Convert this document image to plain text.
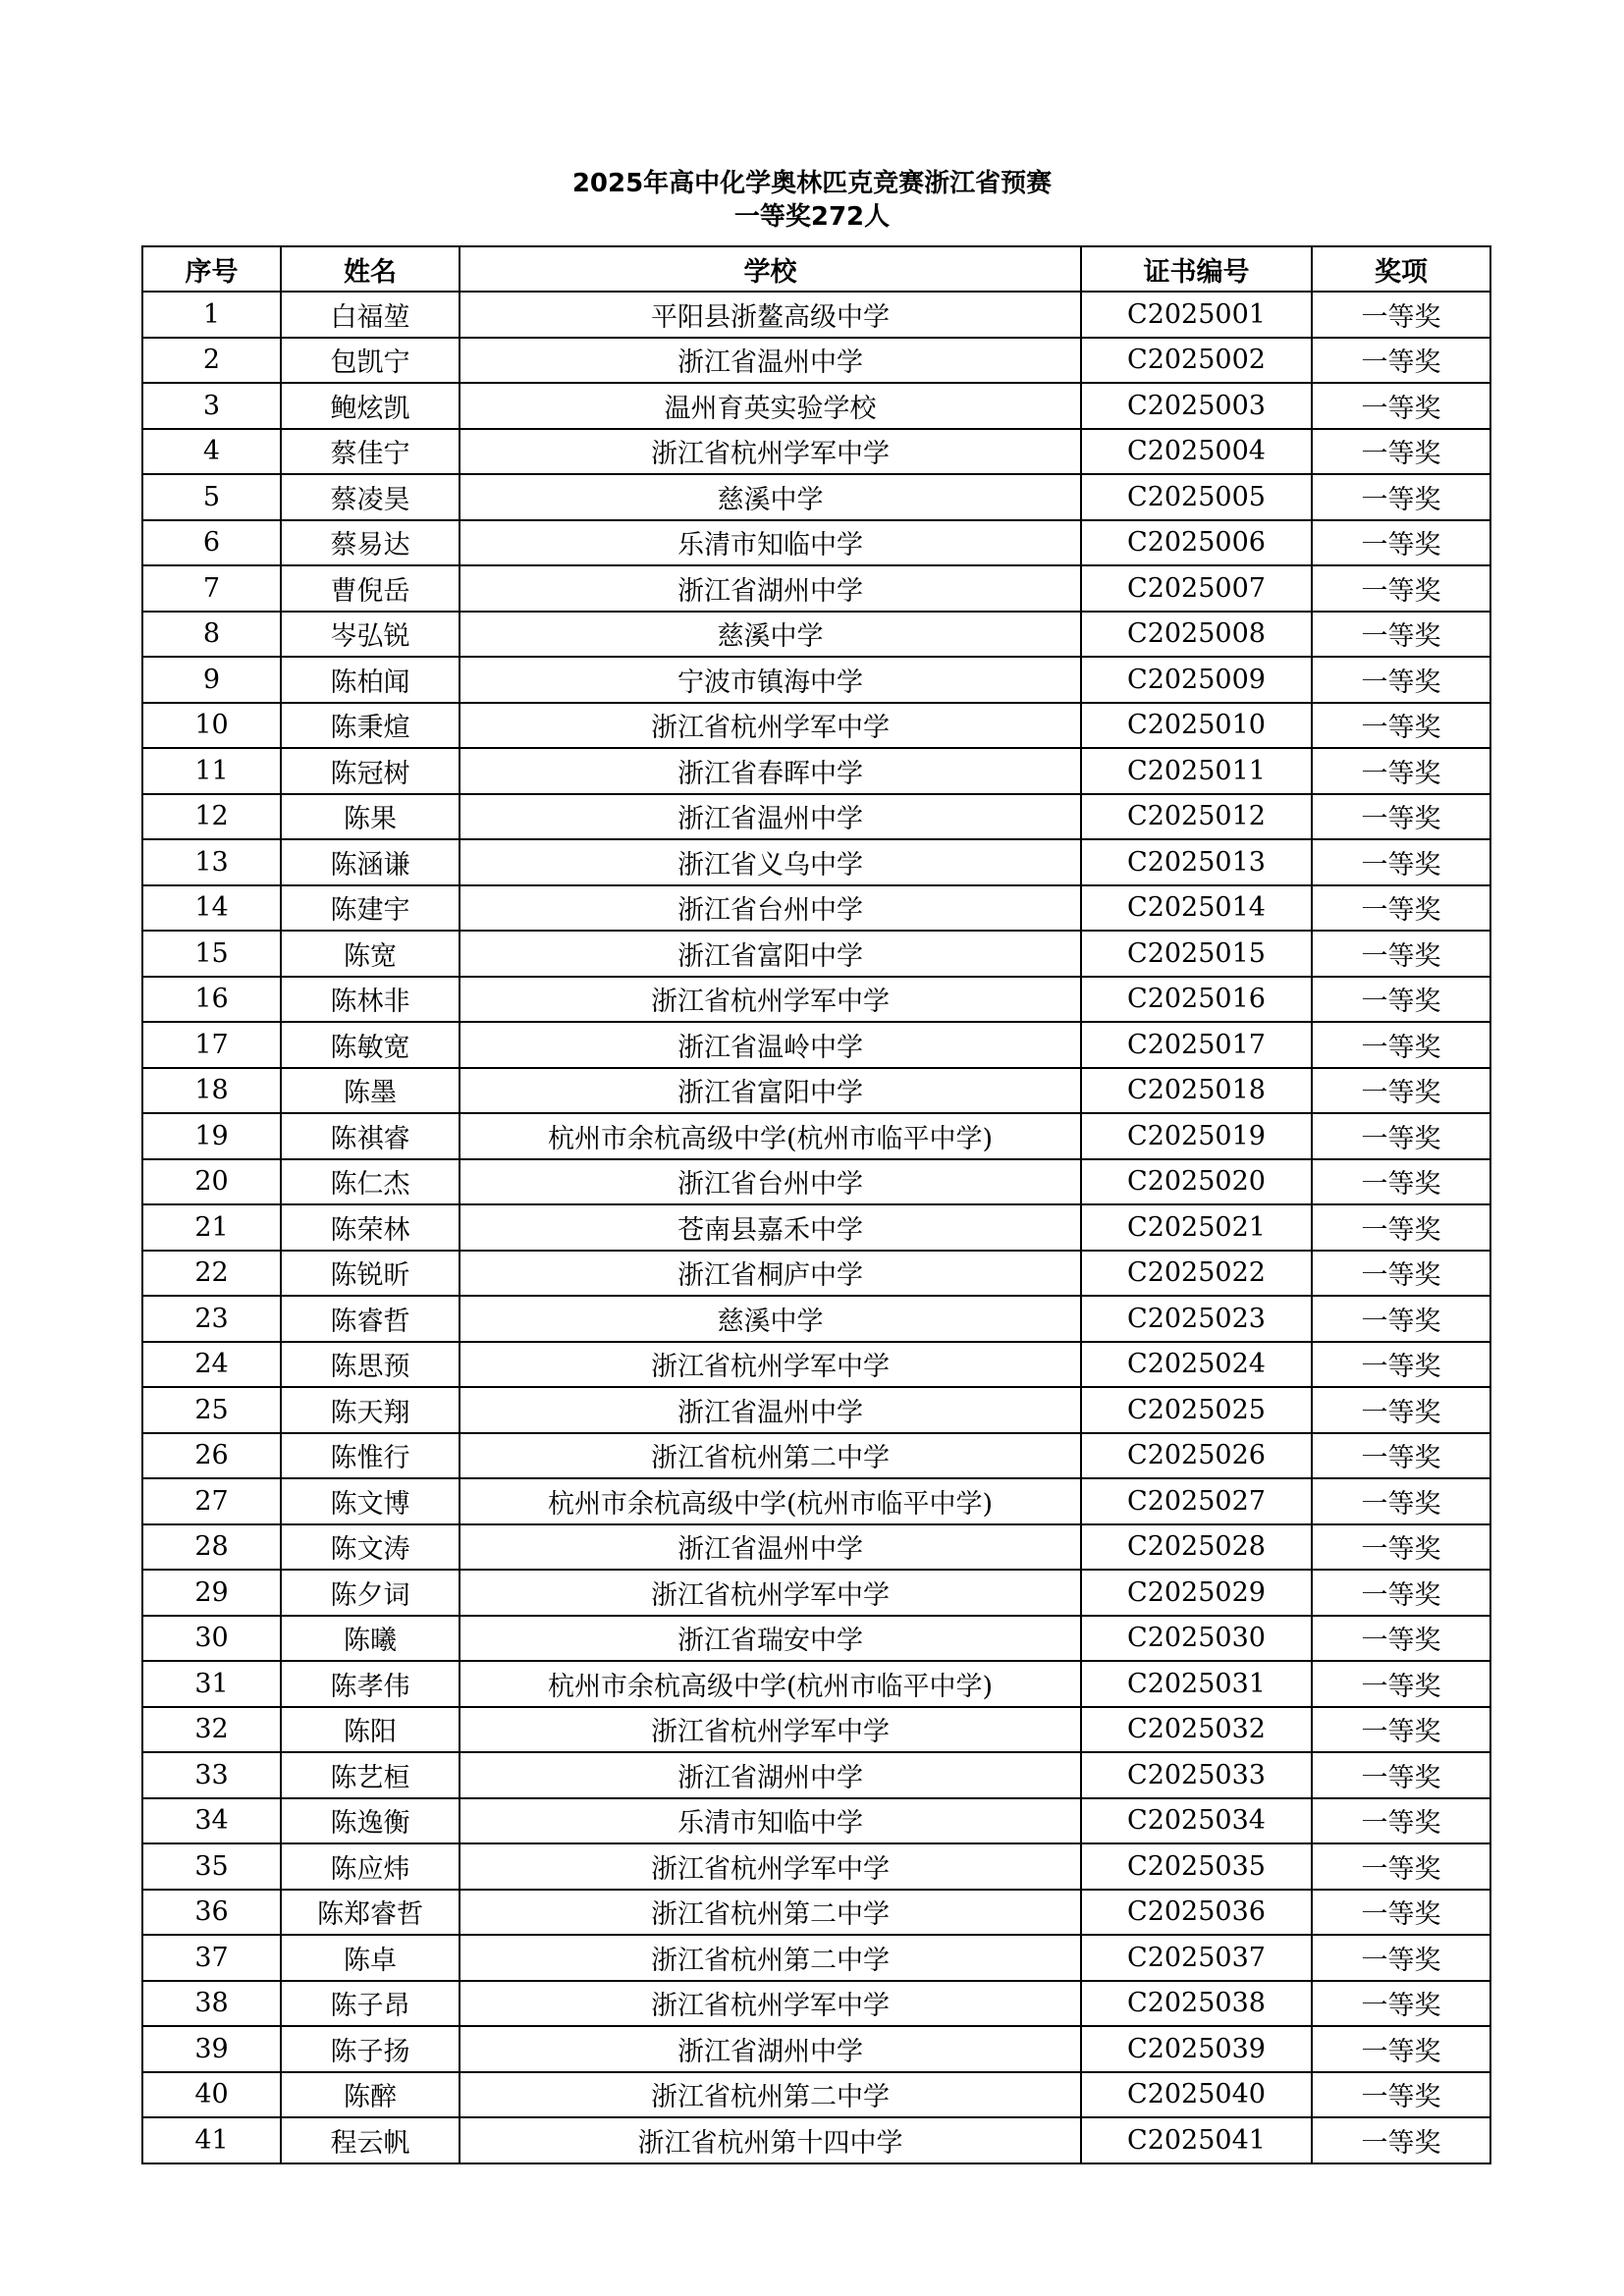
2025年高中化学奥林匹克竞赛浙江省预赛
一等奖272人
序号	姓名	学校	证书编号	奖项
1	白福堃	平阳县浙鳌高级中学	C2025001	一等奖
2	包凯宁	浙江省温州中学	C2025002	一等奖
3	鲍炫凯	温州育英实验学校	C2025003	一等奖
4	蔡佳宁	浙江省杭州学军中学	C2025004	一等奖
5	蔡凌昊	慈溪中学	C2025005	一等奖
6	蔡易达	乐清市知临中学	C2025006	一等奖
7	曹倪岳	浙江省湖州中学	C2025007	一等奖
8	岑弘锐	慈溪中学	C2025008	一等奖
9	陈柏闻	宁波市镇海中学	C2025009	一等奖
10	陈秉煊	浙江省杭州学军中学	C2025010	一等奖
11	陈冠树	浙江省春晖中学	C2025011	一等奖
12	陈果	浙江省温州中学	C2025012	一等奖
13	陈涵谦	浙江省义乌中学	C2025013	一等奖
14	陈建宇	浙江省台州中学	C2025014	一等奖
15	陈宽	浙江省富阳中学	C2025015	一等奖
16	陈林非	浙江省杭州学军中学	C2025016	一等奖
17	陈敏宽	浙江省温岭中学	C2025017	一等奖
18	陈墨	浙江省富阳中学	C2025018	一等奖
19	陈祺睿	杭州市余杭高级中学(杭州市临平中学)	C2025019	一等奖
20	陈仁杰	浙江省台州中学	C2025020	一等奖
21	陈荣林	苍南县嘉禾中学	C2025021	一等奖
22	陈锐昕	浙江省桐庐中学	C2025022	一等奖
23	陈睿哲	慈溪中学	C2025023	一等奖
24	陈思预	浙江省杭州学军中学	C2025024	一等奖
25	陈天翔	浙江省温州中学	C2025025	一等奖
26	陈惟行	浙江省杭州第二中学	C2025026	一等奖
27	陈文博	杭州市余杭高级中学(杭州市临平中学)	C2025027	一等奖
28	陈文涛	浙江省温州中学	C2025028	一等奖
29	陈夕词	浙江省杭州学军中学	C2025029	一等奖
30	陈曦	浙江省瑞安中学	C2025030	一等奖
31	陈孝伟	杭州市余杭高级中学(杭州市临平中学)	C2025031	一等奖
32	陈阳	浙江省杭州学军中学	C2025032	一等奖
33	陈艺桓	浙江省湖州中学	C2025033	一等奖
34	陈逸衡	乐清市知临中学	C2025034	一等奖
35	陈应炜	浙江省杭州学军中学	C2025035	一等奖
36	陈郑睿哲	浙江省杭州第二中学	C2025036	一等奖
37	陈卓	浙江省杭州第二中学	C2025037	一等奖
38	陈子昂	浙江省杭州学军中学	C2025038	一等奖
39	陈子扬	浙江省湖州中学	C2025039	一等奖
40	陈醉	浙江省杭州第二中学	C2025040	一等奖
41	程云帆	浙江省杭州第十四中学	C2025041	一等奖
